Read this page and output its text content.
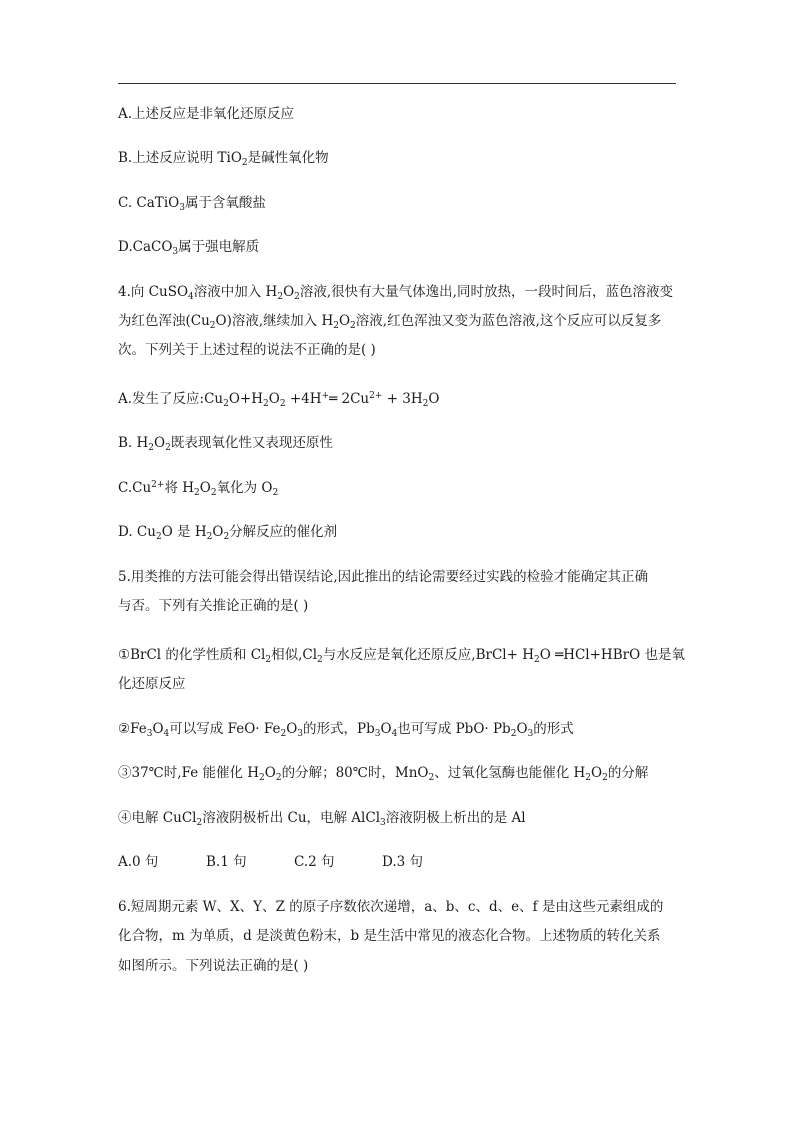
A.上述反应是非氧化还原反应
B.上述反应说明 TiO$_2$是碱性氧化物
C. CaTiO$_3$属于含氧酸盐
D.CaCO$_3$属于强电解质
4.向 CuSO$_4$溶液中加入 $H_2O_2$溶液,很快有大量气体逸出,同时放热，一段时间后，蓝色溶液变
为红色浑浊$(Cu_2O)$溶液,继续加入 $H_2O_2$溶液,红色浑浊又变为蓝色溶液,这个反应可以反复多
次。下列关于上述过程的说法不正确的是( )
A.发生了反应$:Cu_2O+H_2O_2$ +4H+═ $2Cu^{2+} + 3H_2O$
B. $H_2O_2$既表现氧化性又表现还原性
$C.Cu^{2+}$将 $H_2O_2$氧化为 $O_2$
D. $Cu_2O$ 是 $H_2O_2$分解反应的催化剂
5.用类推的方法可能会得出错误结论,因此推出的结论需要经过实践的检验才能确定其正确
与否。下列有关推论正确的是( )
①BrCl 的化学性质和 $Cl_2$相似$,Cl_2$与水反应是氧化还原反应,BrCl+ $H_2O$ ═HCl+HBrO 也是氧
化还原反应
$②Fe_3O_4$可以写成 $FeO\cdot Fe_2O_3$的形式，$Pb_3O_4$也可写成 $PbO\cdot Pb_2O_3$的形式
③37℃时,Fe 能催化 $H_2O_2$的分解；80℃时，MnO$_2$、过氧化氢酶也能催化 $H_2O_2$的分解
④电解 CuCl$_2$溶液阴极析出 Cu，电解 AlCl$_3$溶液阴极上析出的是 Al
A.0 句	B.1 句	C.2 句	D.3 句
6.短周期元素 W、X、Y、Z 的原子序数依次递增，a、b、c、d、e、f 是由这些元素组成的
化合物，m 为单质，d 是淡黄色粉末，b 是生活中常见的液态化合物。上述物质的转化关系
如图所示。下列说法正确的是( )
